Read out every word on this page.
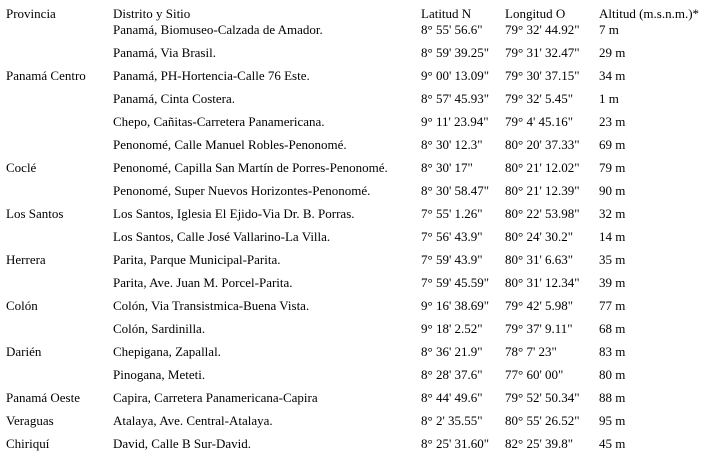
Provincia	Distrito y Sitio	Latitud N	Longitud O	Altitud (m.s.n.m.)*
	Panamá, Biomuseo-Calzada de Amador.	8° 55' 56.6"	79° 32' 44.92"	7 m
	Panamá, Via Brasil.	8° 59' 39.25"	79° 31' 32.47"	29 m
Panamá Centro	Panamá, PH-Hortencia-Calle 76 Este.	9° 00' 13.09"	79° 30' 37.15"	34 m
	Panamá, Cinta Costera.	8° 57' 45.93"	79° 32' 5.45"	1 m
	Chepo, Cañitas-Carretera Panamericana.	9° 11' 23.94"	79° 4' 45.16"	23 m
	Penonomé, Calle Manuel Robles-Penonomé.	8° 30' 12.3"	80° 20' 37.33"	69 m
Coclé	Penonomé, Capilla San Martín de Porres-Penonomé.	8° 30' 17"	80° 21' 12.02"	79 m
	Penonomé, Super Nuevos Horizontes-Penonomé.	8° 30' 58.47"	80° 21' 12.39"	90 m
Los Santos	Los Santos, Iglesia El Ejido-Via Dr. B. Porras.	7° 55' 1.26"	80° 22' 53.98"	32 m
	Los Santos, Calle José Vallarino-La Villa.	7° 56' 43.9"	80° 24' 30.2"	14 m
Herrera	Parita, Parque Municipal-Parita.	7° 59' 43.9"	80° 31' 6.63"	35 m
	Parita, Ave. Juan M. Porcel-Parita.	7° 59' 45.59"	80° 31' 12.34"	39 m
Colón	Colón, Via Transistmica-Buena Vista.	9° 16' 38.69"	79° 42' 5.98"	77 m
	Colón, Sardinilla.	9° 18' 2.52"	79° 37' 9.11"	68 m
Darién	Chepigana, Zapallal.	8° 36' 21.9"	78° 7' 23"	83 m
	Pinogana, Meteti.	8° 28' 37.6"	77° 60' 00"	80 m
Panamá Oeste	Capira, Carretera Panamericana-Capira	8° 44' 49.6"	79° 52' 50.34"	88 m
Veraguas	Atalaya, Ave. Central-Atalaya.	8° 2' 35.55"	80° 55' 26.52"	95 m
Chiriquí	David, Calle B Sur-David.	8° 25' 31.60"	82° 25' 39.8"	45 m
